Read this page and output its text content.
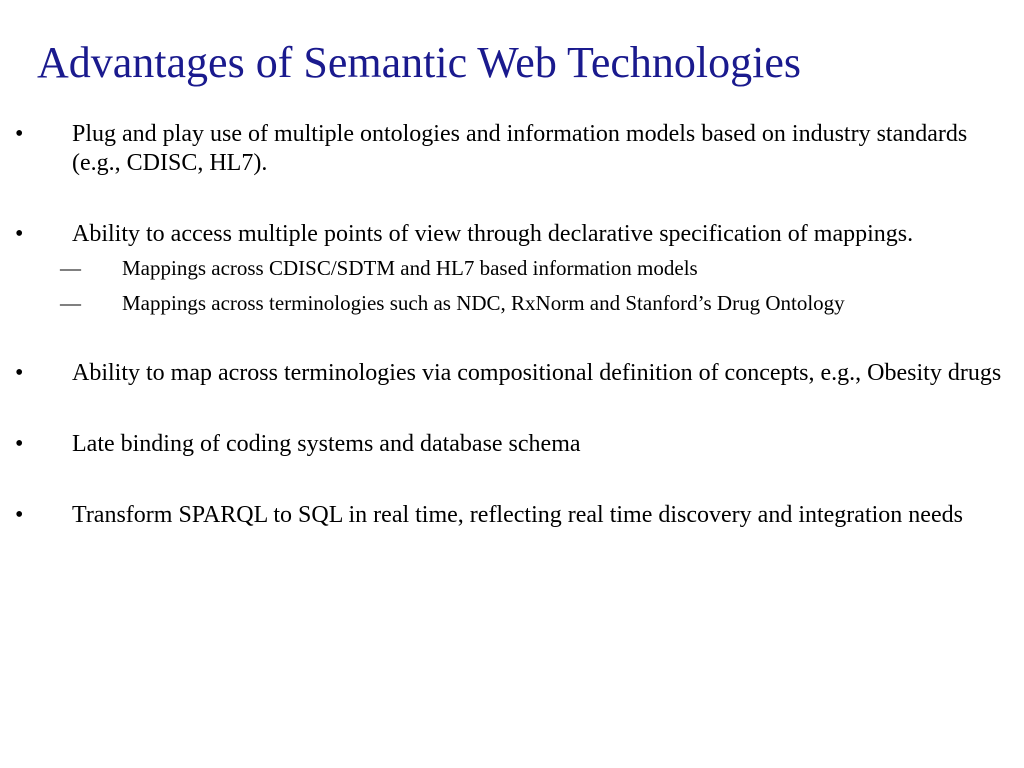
Advantages of Semantic Web Technologies
• Plug and play use of multiple ontologies and information models based on industry standards (e.g., CDISC, HL7).
• Ability to access multiple points of view through declarative specification of mappings.
— Mappings across CDISC/SDTM and HL7 based information models
— Mappings across terminologies such as NDC, RxNorm and Stanford’s Drug Ontology
• Ability to map across terminologies via compositional definition of concepts, e.g., Obesity drugs
• Late binding of coding systems and database schema
• Transform SPARQL to SQL in real time, reflecting real time discovery and integration needs
